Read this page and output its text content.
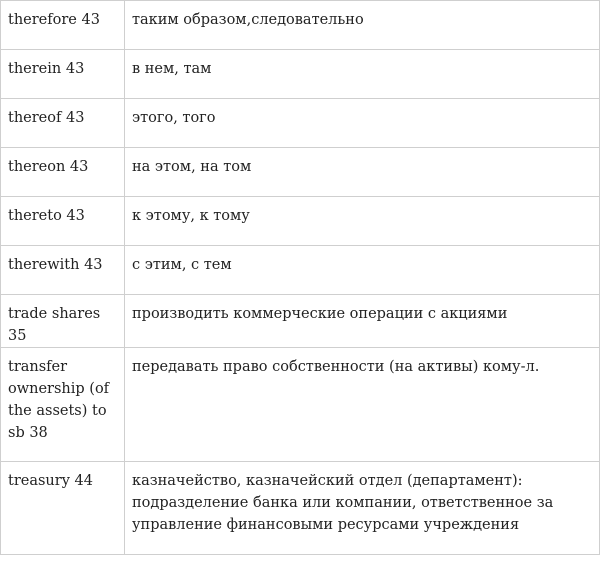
therefore 43	таким образом,следовательно
therein 43	в нем, там
thereof 43	этого, того
thereon 43	на этом, на том
thereto 43	к этому, к тому
therewith 43	с этим, с тем
trade shares 35	производить коммерческие операции с акциями
transfer ownership (of the assets) to sb 38	передавать право собственности (на активы) кому-л.
treasury 44	казначейство, казначейский отдел (департамент): подразделение банка или компании, ответственное за управление финансовыми ресурсами учреждения
